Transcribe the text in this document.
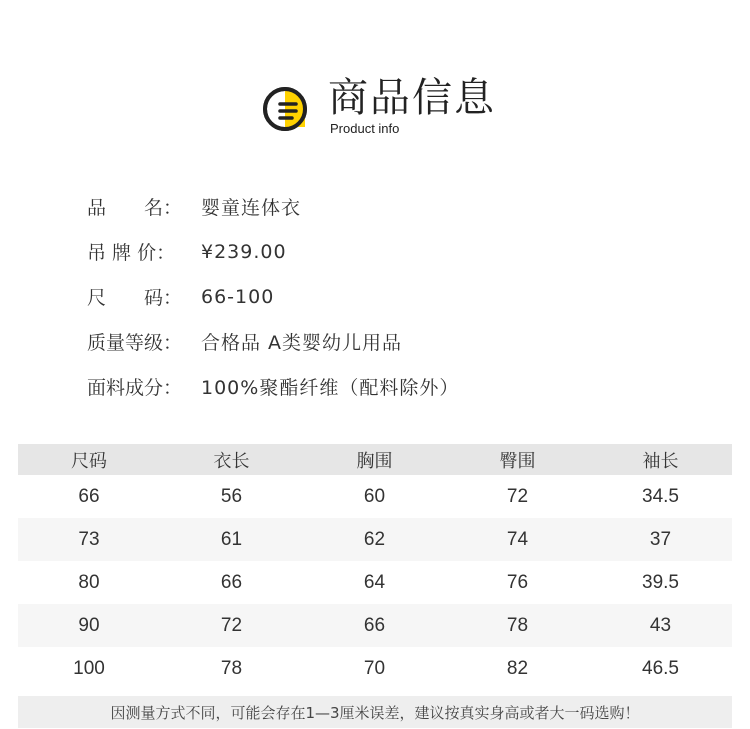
商品信息
Product info
品　　名： 婴童连体衣
吊 牌 价：	¥239.00
尺　　码： 66-100
质量等级： 合格品 A类婴幼儿用品
面料成分： 100%聚酯纤维（配料除外）
尺码	衣长	胸围	臀围	袖长
66	56	60	72	34.5
73	61	62	74	37
80	66	64	76	39.5
90	72	66	78	43
100	78	70	82	46.5
因测量方式不同，可能会存在1—3厘米误差，建议按真实身高或者大一码选购！
